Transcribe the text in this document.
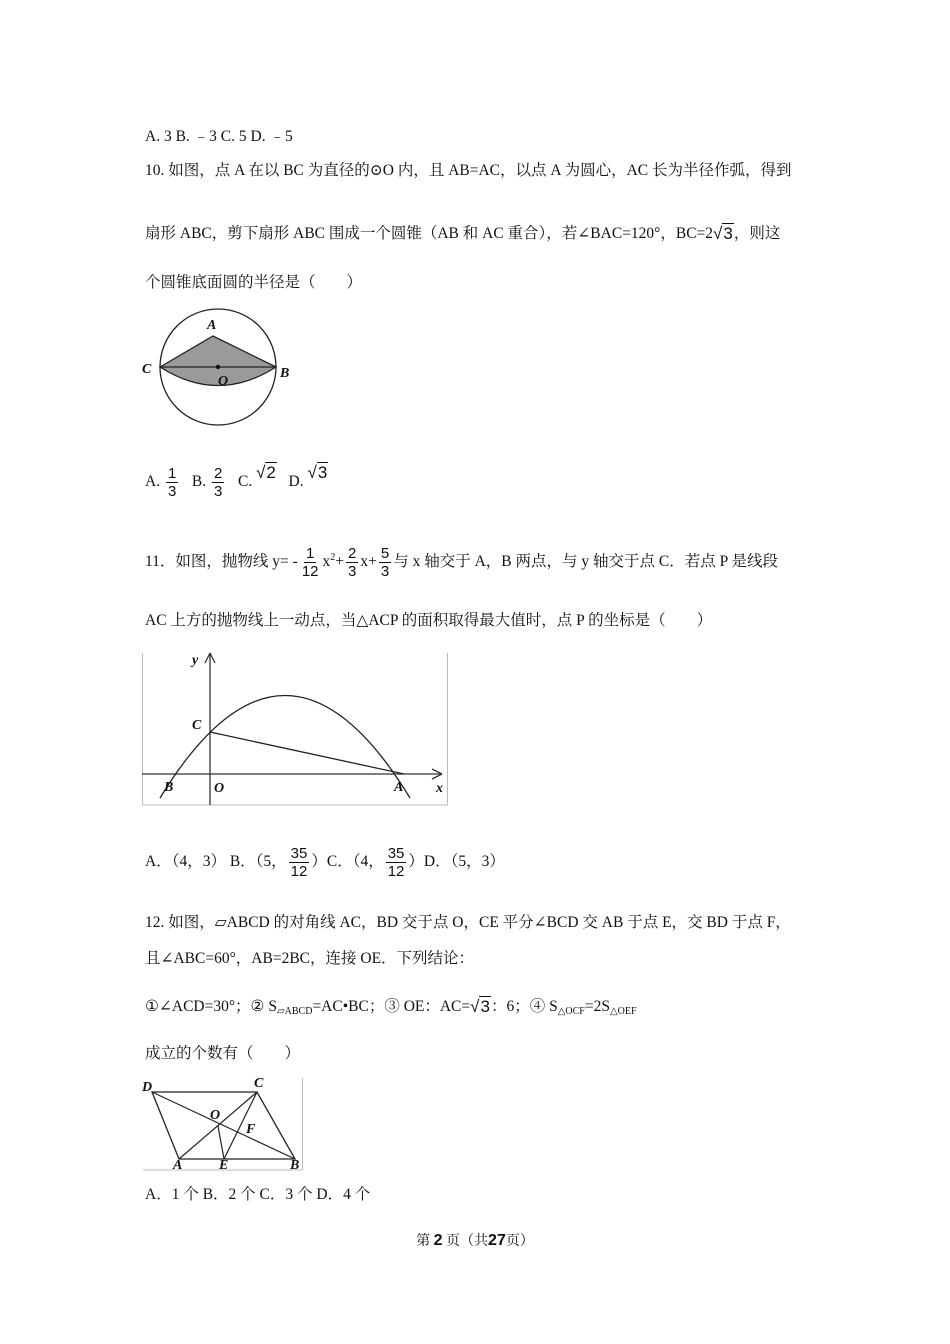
A. 3 B. ﹣3 C. 5 D. ﹣5
10. 如图，点 A 在以 BC 为直径的⊙O 内，且 AB=AC，以点 A 为圆心，AC 长为半径作弧，得到
扇形 ABC，剪下扇形 ABC 围成一个圆锥（AB 和 AC 重合），若∠BAC=120°，BC=2√3，则这
个圆锥底面圆的半径是（　　）
A
C	B
O
A. $\frac{1}{3} B$. $\frac{2}{3} C$. √2 D. √3
11．如图，抛物线 $y= - \frac{1}{12} x^2+ \frac{2}{3} x+ \frac{5}{3}$ 与 x 轴交于 A，B 两点，与 y 轴交于点 C．若点 P 是线段
AC 上方的抛物线上一动点，当△ACP 的面积取得最大值时，点 P 的坐标是（　　）
y
x
C
B	O	A
A．（4，3） B．（5， $\frac{35}{12} )C$．（4， $\frac{35}{12} )D$．（5，3）
12. 如图，▱ABCD 的对角线 AC，BD 交于点 O，CE 平分∠BCD 交 AB 于点 E，交 BD 于点 F，
且∠ABC=60°，AB=2BC，连接 OE．下列结论：
①∠ACD=30°；② $S_{▱ABCD}=AC•BC$；③ OE：AC=√3：6；④ $S_{\triangle OCF}=2S_{\triangle OEF}$
成立的个数有（　　）
D	C
O
F
A	E	B
A．1 个 B．2 个 C．3 个 D．4 个
第 2 页（共27页）
